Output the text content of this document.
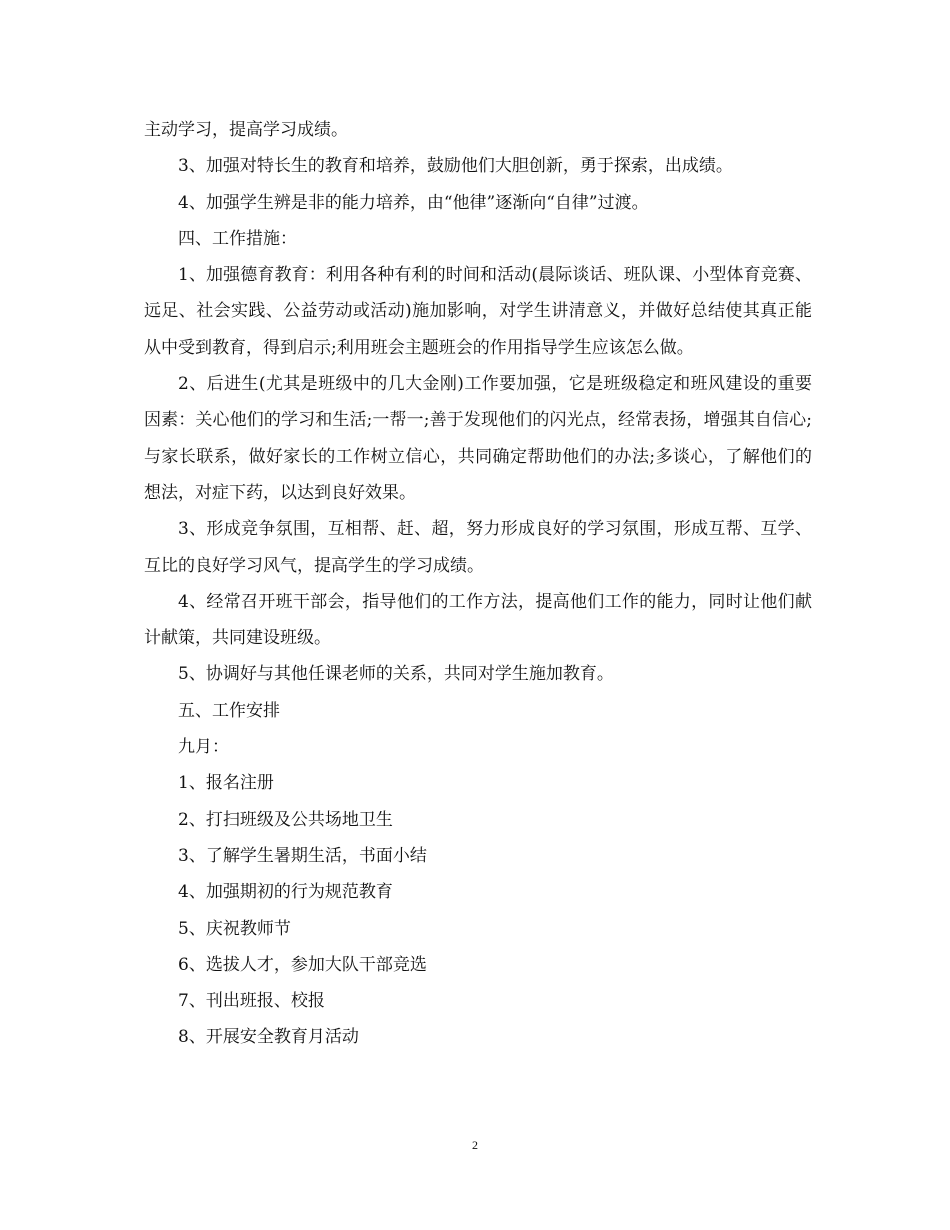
主动学习，提高学习成绩。

3、加强对特长生的教育和培养，鼓励他们大胆创新，勇于探索，出成绩。

4、加强学生辨是非的能力培养，由“他律”逐渐向“自律”过渡。

四、工作措施：

1、加强德育教育：利用各种有利的时间和活动(晨际谈话、班队课、小型体育竞赛、远足、社会实践、公益劳动或活动)施加影响，对学生讲清意义，并做好总结使其真正能从中受到教育，得到启示;利用班会主题班会的作用指导学生应该怎么做。

2、后进生(尤其是班级中的几大金刚)工作要加强，它是班级稳定和班风建设的重要因素：关心他们的学习和生活;一帮一;善于发现他们的闪光点，经常表扬，增强其自信心;与家长联系，做好家长的工作树立信心，共同确定帮助他们的办法;多谈心，了解他们的想法，对症下药，以达到良好效果。

3、形成竞争氛围，互相帮、赶、超，努力形成良好的学习氛围，形成互帮、互学、互比的良好学习风气，提高学生的学习成绩。

4、经常召开班干部会，指导他们的工作方法，提高他们工作的能力，同时让他们献计献策，共同建设班级。

5、协调好与其他任课老师的关系，共同对学生施加教育。

五、工作安排

九月：

1、报名注册

2、打扫班级及公共场地卫生

3、了解学生暑期生活，书面小结

4、加强期初的行为规范教育

5、庆祝教师节

6、选拔人才，参加大队干部竞选

7、刊出班报、校报

8、开展安全教育月活动

2
